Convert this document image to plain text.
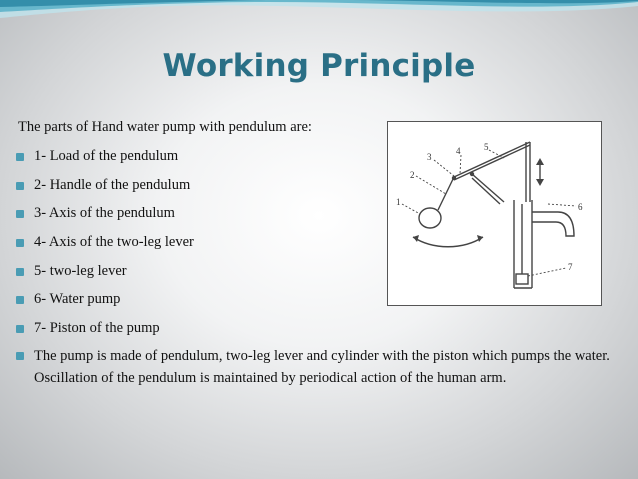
Working Principle
The parts of Hand water pump with pendulum are:
1- Load of the pendulum
2- Handle of the pendulum
3- Axis of the pendulum
4- Axis of the two-leg lever
5- two-leg lever
6- Water pump
7- Piston of the pump
The pump is made of pendulum, two-leg lever and cylinder with the piston which pumps the water. Oscillation of the pendulum is maintained by periodical action of the human arm.
1
2
3
4	5
6
7
